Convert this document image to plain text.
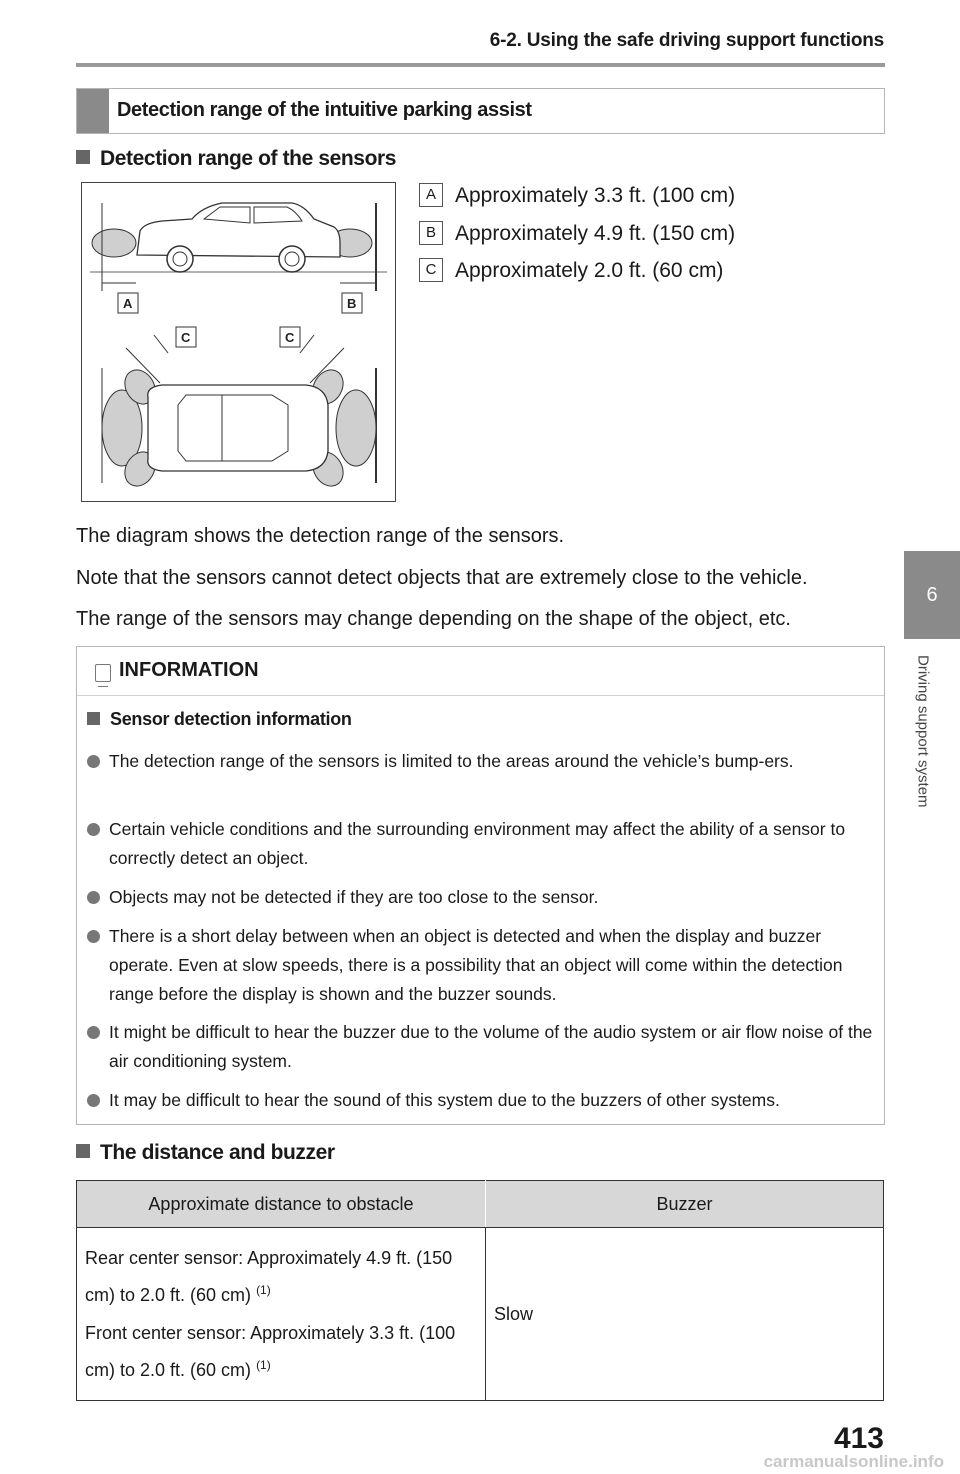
6-2. Using the safe driving support functions
6
Driving support system
Detection range of the intuitive parking assist
Detection range of the sensors
A	B
C	C
A Approximately 3.3 ft. (100 cm)
B Approximately 4.9 ft. (150 cm)
C Approximately 2.0 ft. (60 cm)
The diagram shows the detection range of the sensors.
Note that the sensors cannot detect objects that are extremely close to the vehicle.
The range of the sensors may change depending on the shape of the object, etc.
INFORMATION
Sensor detection information
The detection range of the sensors is limited to the areas around the vehicle’s bump-ers.
Certain vehicle conditions and the surrounding environment may affect the ability of a sensor to correctly detect an object.
Objects may not be detected if they are too close to the sensor.
There is a short delay between when an object is detected and when the display and buzzer operate. Even at slow speeds, there is a possibility that an object will come within the detection range before the display is shown and the buzzer sounds.
It might be difficult to hear the buzzer due to the volume of the audio system or air flow noise of the air conditioning system.
It may be difficult to hear the sound of this system due to the buzzers of other systems.
The distance and buzzer
Approximate distance to obstacle	Buzzer

Rear center sensor: Approximately 4.9 ft. (150 cm) to 2.0 ft. (60 cm) $^{(1)}$

Front center sensor: Approximately 3.3 ft. (100 cm) to 2.0 ft. (60 cm) $^{(1)}$	Slow
413
carmanualsonline.info
